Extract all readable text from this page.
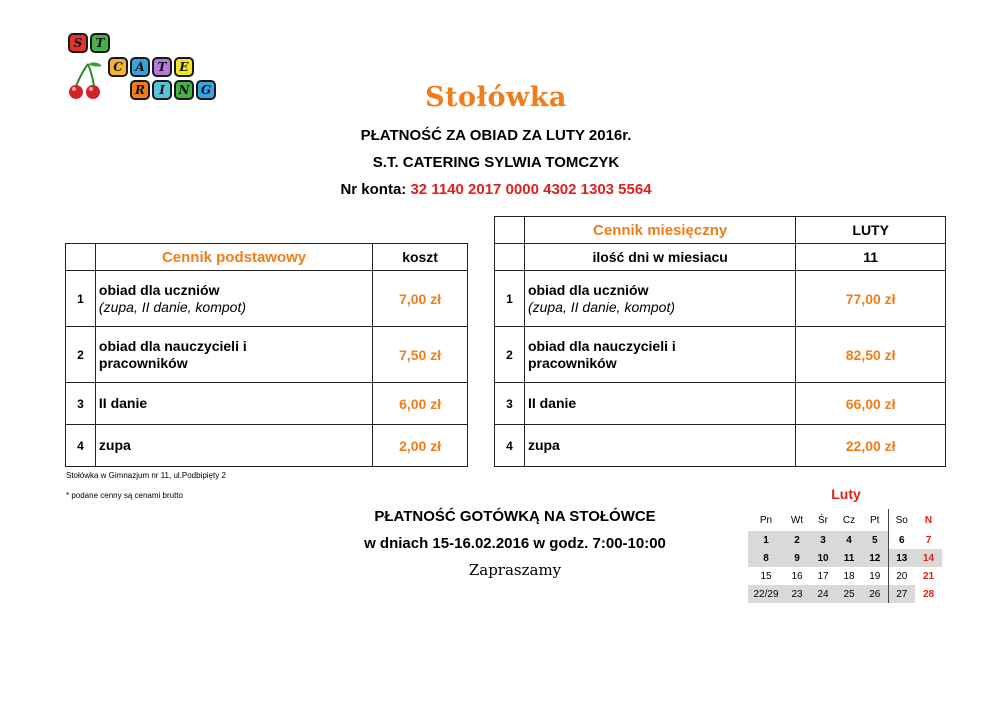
S	T
C	A	T	E
R	I	N G	Stołówka
PŁATNOŚĆ ZA OBIAD ZA LUTY 2016r.
S.T. CATERING SYLWIA TOMCZYK
Nr konta: 32 1140 2017 0000 4302 1303 5564
	Cennik podstawowy	koszt
1	obiad dla uczniów
(zupa, II danie, kompot)	7,00 zł
2	obiad dla nauczycieli i
pracowników	7,50 zł
3	II danie	6,00 zł
4	zupa	2,00 zł
	Cennik miesięczny	LUTY
	ilość dni w miesiacu	11
1	obiad dla uczniów
(zupa, II danie, kompot)	77,00 zł
2	obiad dla nauczycieli i
pracowników	82,50 zł
3	II danie	66,00 zł
4	zupa	22,00 zł
Stołówka w Gimnazjum nr 11, ul.Podbipięty 2
* podane cenny są cenami brutto
PŁATNOŚĆ GOTÓWKĄ NA STOŁÓWCE
w dniach 15-16.02.2016 w godz. 7:00-10:00
Zapraszamy
Luty
Pn	Wt	Śr	Cz	Pt	So	N
1	2	3	4	5	6	7
8	9	10	11	12	13	14
15	16	17	18	19	20	21
22/29	23	24	25	26	27	28
